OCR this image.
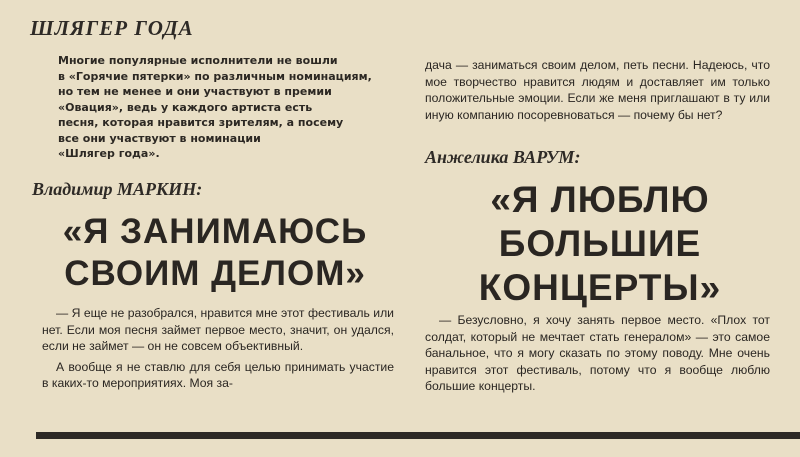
ШЛЯГЕР ГОДА

Многие популярные исполнители не вошли
в «Горячие пятерки» по различным номинациям,
но тем не менее и они участвуют в премии
«Овация», ведь у каждого артиста есть
песня, которая нравится зрителям, а посему
все они участвуют в номинации
«Шлягер года».

Владимир МАРКИН:
«Я ЗАНИМАЮСЬ
СВОИМ ДЕЛОМ»

— Я еще не разобрался, нравится мне этот фестиваль или нет. Если моя песня займет первое место, значит, он удался, если не займет — он не совсем объективный.

А вообще я не ставлю для себя целью принимать участие в каких-то мероприятиях. Моя за-

дача — заниматься своим делом, петь песни. Надеюсь, что мое творчество нравится людям и доставляет им только положительные эмоции. Если же меня приглашают в ту или иную компанию посоревноваться — почему бы нет?

Анжелика ВАРУМ:
«Я ЛЮБЛЮ
БОЛЬШИЕ
КОНЦЕРТЫ»

— Безусловно, я хочу занять первое место. «Плох тот солдат, который не мечтает стать генералом» — это самое банальное, что я могу сказать по этому поводу. Мне очень нравится этот фестиваль, потому что я вообще люблю большие концерты.
